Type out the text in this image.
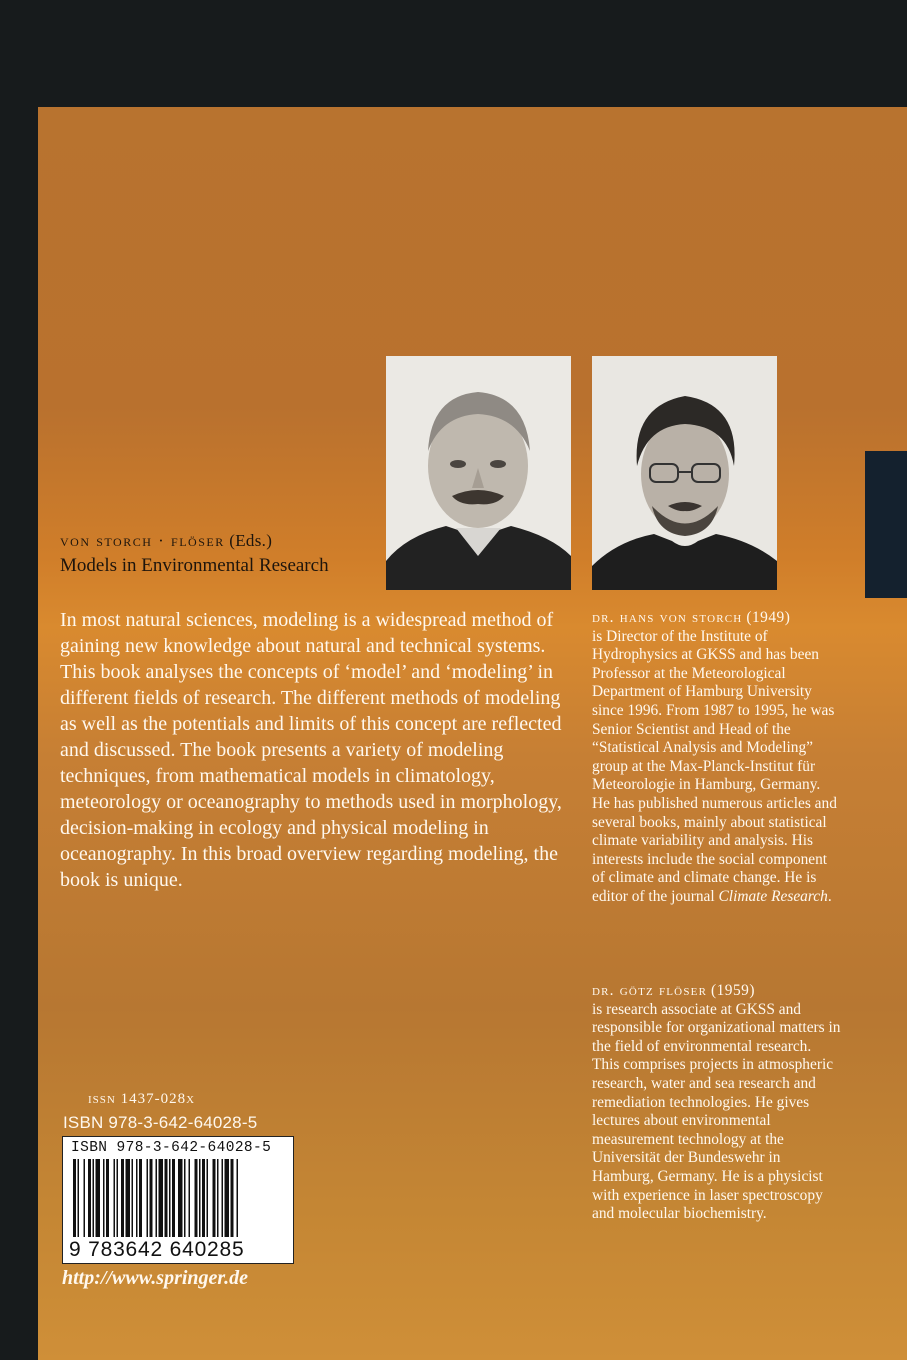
von storch · flöser (Eds.)
Models in Environmental Research
In most natural sciences, modeling is a widespread method of gaining new knowledge about natural and technical systems. This book analyses the concepts of ‘model’ and ‘modeling’ in different fields of research. The different methods of modeling as well as the potentials and limits of this concept are reflected and discussed. The book presents a variety of modeling techniques, from mathematical models in climatology, meteorology or oceanography to methods used in morphology, decision-making in ecology and physical modeling in oceanography. In this broad overview regarding modeling, the book is unique.
dr. hans von storch (1949)
is Director of the Institute of Hydrophysics at GKSS and has been Professor at the Meteorological Department of Hamburg University since 1996. From 1987 to 1995, he was Senior Scientist and Head of the “Statistical Analysis and Modeling” group at the Max-Planck-Institut für Meteorologie in Hamburg, Germany. He has published numerous articles and several books, mainly about statistical climate variability and analysis. His interests include the social component of climate and climate change. He is editor of the journal Climate Research.
dr. götz flöser (1959)
is research associate at GKSS and responsible for organizational matters in the field of environmental research. This comprises projects in atmospheric research, water and sea research and remediation technologies. He gives lectures about environmental measurement technology at the Universität der Bundeswehr in Hamburg, Germany. He is a physicist with experience in laser spectroscopy and molecular biochemistry.
issn 1437-028x
ISBN 978-3-642-64028-5
ISBN 978-3-642-64028-5
9 783642 640285
http://www.springer.de
